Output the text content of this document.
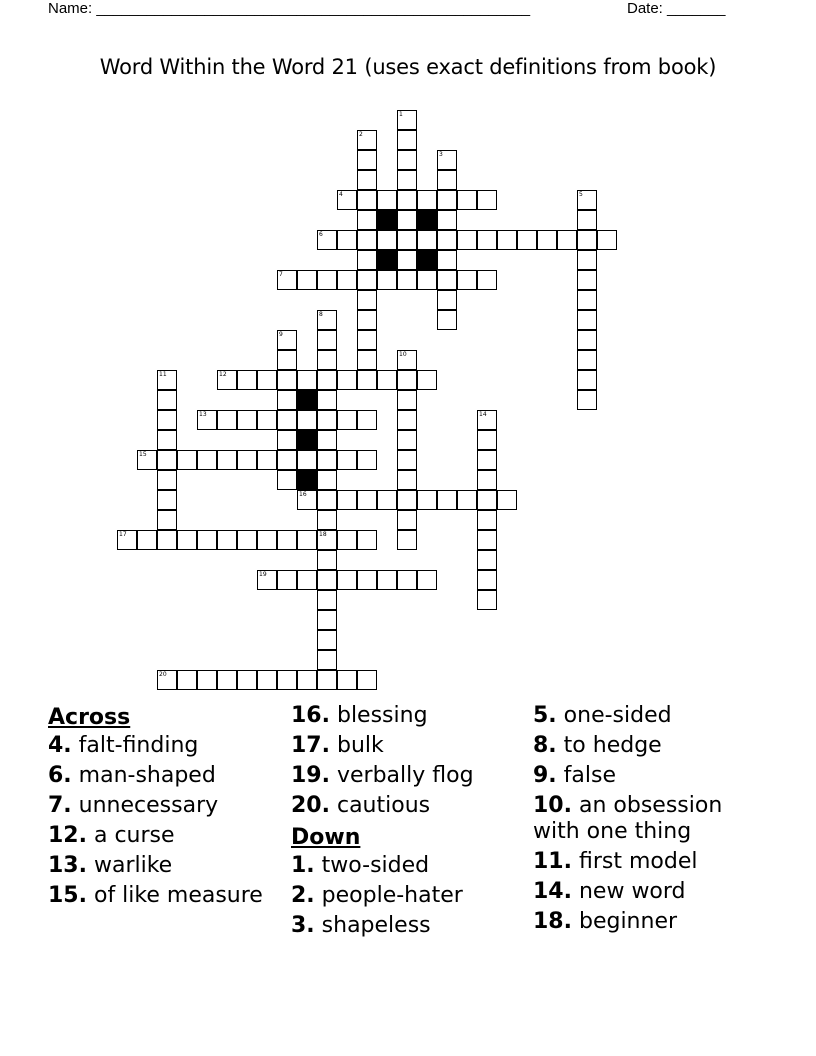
Name: ____________________________________________________	Date: _______
Word Within the Word 21 (uses exact definitions from book)
1
2
3
4	5
6
7
8
9
10
11	12
13	14
15
16
17	18
19
20
Across
4. falt-finding
6. man-shaped
7. unnecessary
12. a curse
13. warlike
15. of like measure
16. blessing
17. bulk
19. verbally flog
20. cautious
Down
1. two-sided
2. people-hater
3. shapeless
5. one-sided
8. to hedge
9. false
10. an obsession with one thing
11. first model
14. new word
18. beginner
